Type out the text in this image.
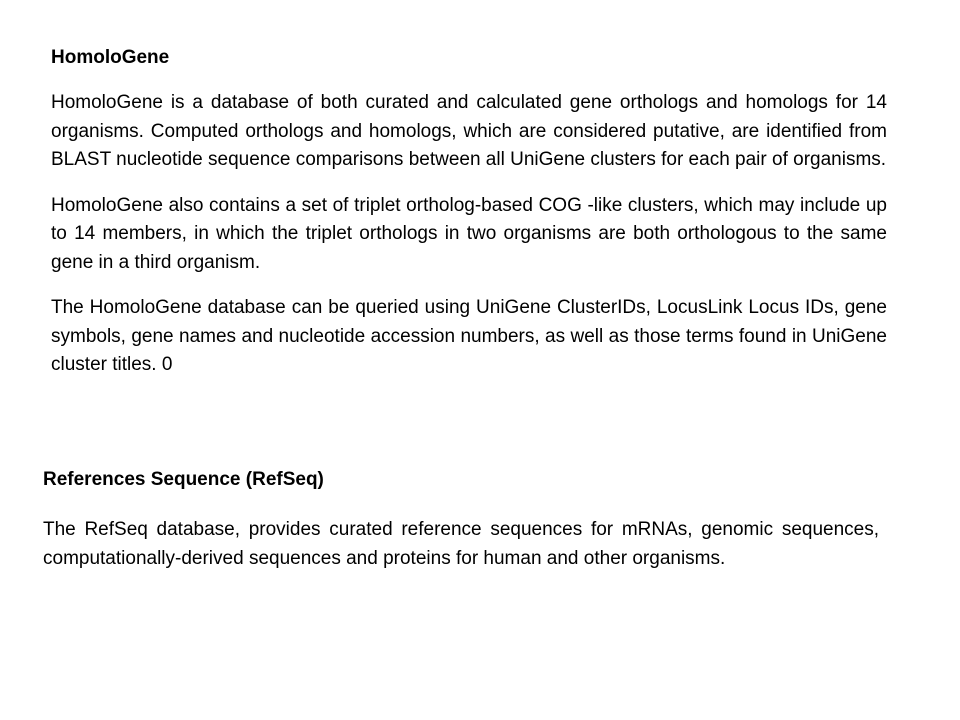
HomoloGene

HomoloGene is a database of both curated and calculated gene orthologs and homologs for 14 organisms. Computed orthologs and homologs, which are considered putative, are identified from BLAST nucleotide sequence comparisons between all UniGene clusters for each pair of organisms.

HomoloGene also contains a set of triplet ortholog-based COG -like clusters, which may include up to 14 members, in which the triplet orthologs in two organisms are both orthologous to the same gene in a third organism.

The HomoloGene database can be queried using UniGene ClusterIDs, LocusLink Locus IDs, gene symbols, gene names and nucleotide accession numbers, as well as those terms found in UniGene cluster titles. 0

References Sequence (RefSeq)

The RefSeq database, provides curated reference sequences for mRNAs, genomic sequences, computationally-derived sequences and proteins for human and other organisms.
